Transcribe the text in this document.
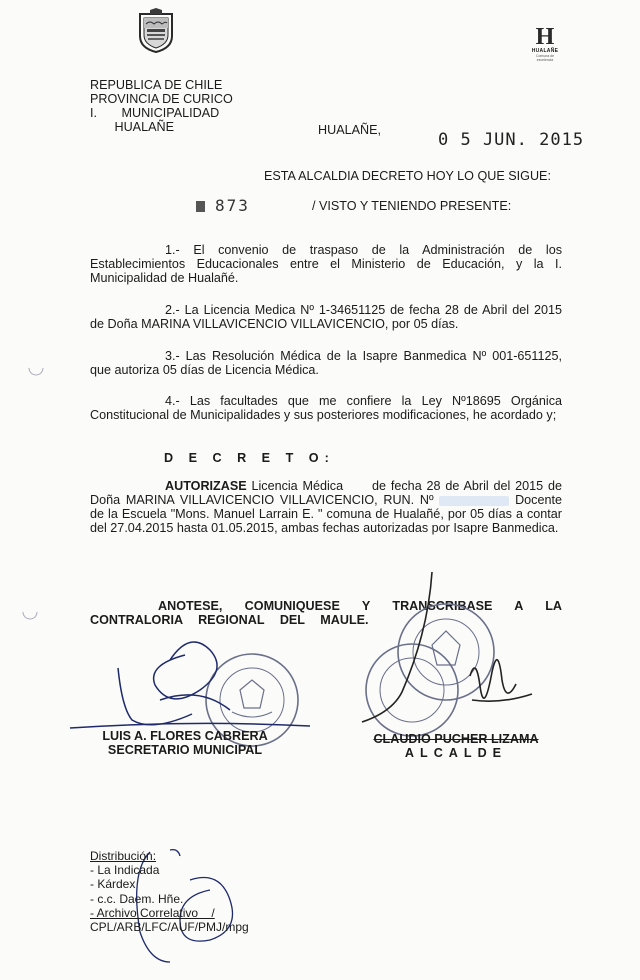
H
HUALAÑE
Comuna de excelencia
REPUBLICA DE CHILE
PROVINCIA DE CURICO
I.       MUNICIPALIDAD
HUALAÑE	HUALAÑE,	0 5 JUN. 2015
ESTA ALCALDIA DECRETO HOY LO QUE SIGUE:
873	/ VISTO Y TENIENDO PRESENTE:
1.- El convenio de traspaso de la Administración de los Establecimientos Educacionales entre el Ministerio de Educación, y la I. Municipalidad de Hualañé.
2.- La Licencia Medica Nº 1-34651125 de fecha 28 de Abril del 2015 de Doña MARINA VILLAVICENCIO VILLAVICENCIO, por 05 días.
3.- Las Resolución Médica de la Isapre Banmedica Nº 001-651125, que autoriza 05 días de Licencia Médica.
4.- Las facultades que me confiere la Ley Nº18695 Orgánica Constitucional de Municipalidades y sus posteriores modificaciones, he acordado y;
D E C R E T O:
AUTORIZASE Licencia Médica      de fecha 28 de Abril del 2015 de Doña MARINA VILLAVICENCIO VILLAVICENCIO, RUN. Nº	Docente de la Escuela "Mons. Manuel Larrain E. " comuna de Hualañé, por 05 días a contar del 27.04.2015 hasta 01.05.2015, ambas fechas autorizadas por Isapre Banmedica.
ANOTESE, COMUNIQUESE Y TRANSCRIBASE A LA CONTRALORIA REGIONAL DEL MAULE.
LUIS A. FLORES CABRERA
SECRETARIO MUNICIPAL
CLAUDIO PUCHER LIZAMA
ALCALDE
Distribución:
- La Indicada
- Kárdex
- c.c. Daem. Hñe.
- Archivo Correlativo    /
CPL/ARB/LFC/AUF/PMJ/mpg
